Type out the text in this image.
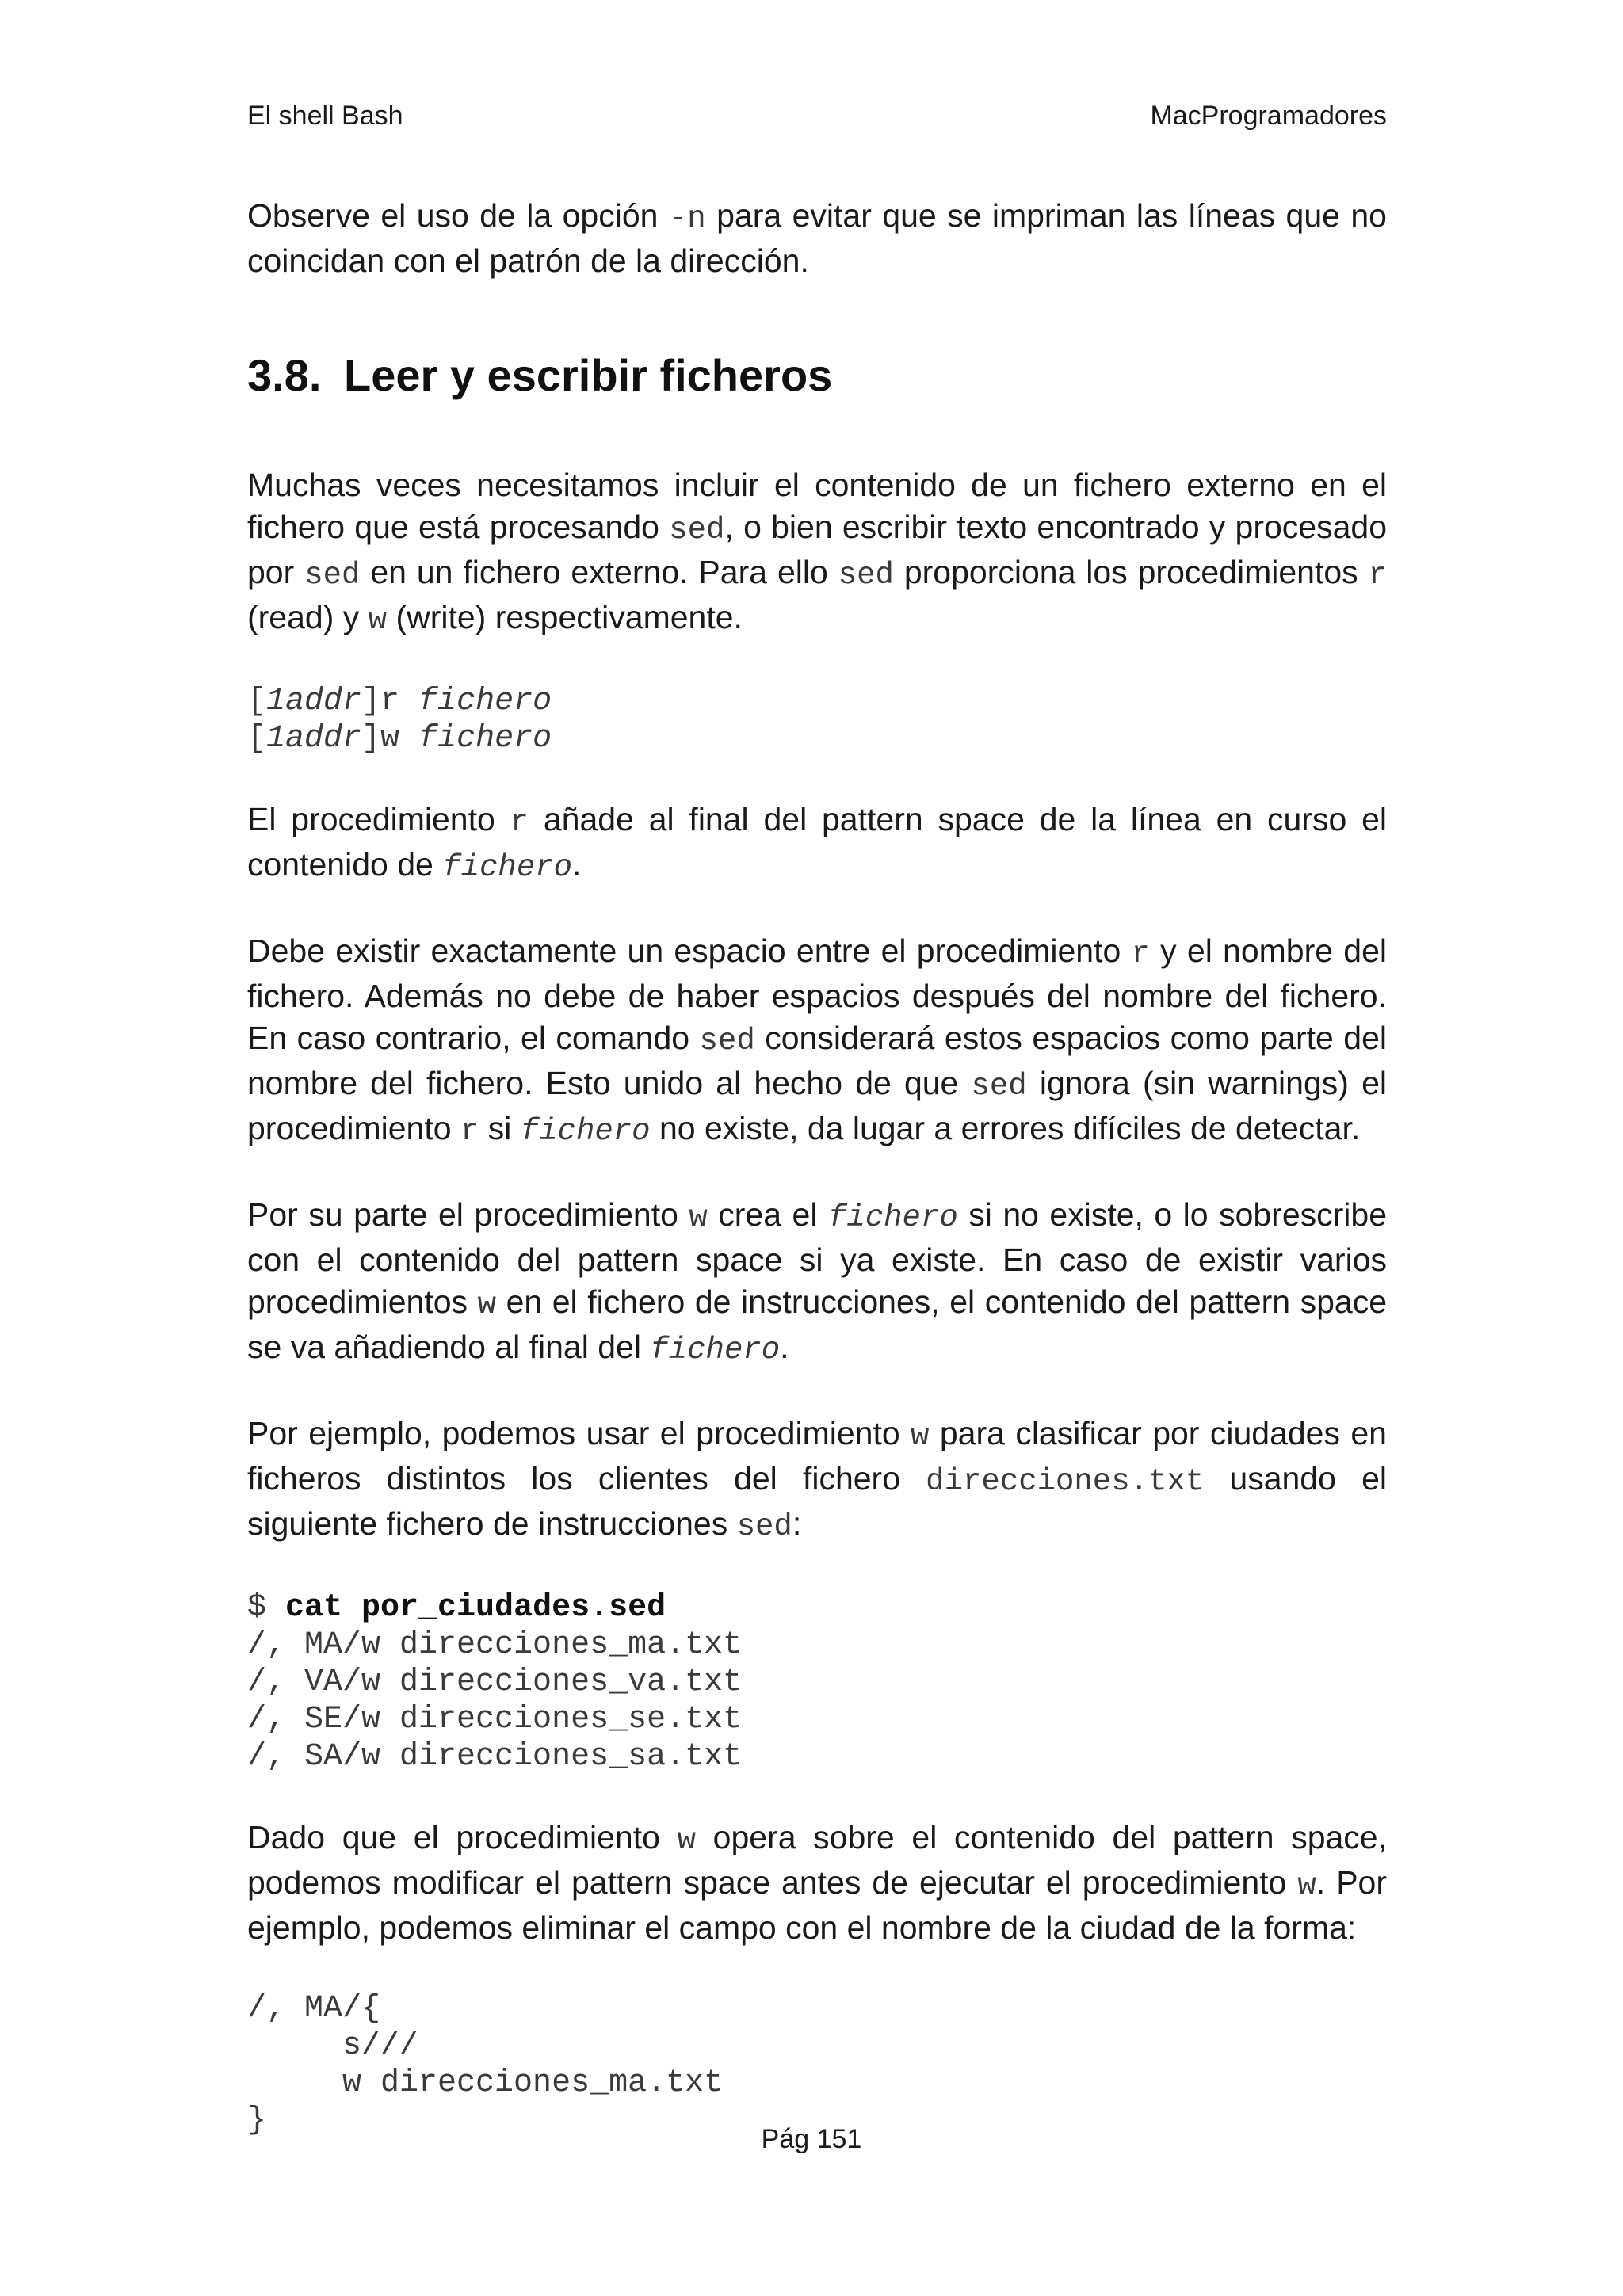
El shell Bash	MacProgramadores

Observe el uso de la opción -n para evitar que se impriman las líneas que no coincidan con el patrón de la dirección.

3.8. Leer y escribir ficheros

Muchas veces necesitamos incluir el contenido de un fichero externo en el fichero que está procesando sed, o bien escribir texto encontrado y procesado por sed en un fichero externo. Para ello sed proporciona los procedimientos r (read) y w (write) respectivamente.

[1addr]r fichero
[1addr]w fichero

El procedimiento r añade al final del pattern space de la línea en curso el contenido de fichero.

Debe existir exactamente un espacio entre el procedimiento r y el nombre del fichero. Además no debe de haber espacios después del nombre del fichero. En caso contrario, el comando sed considerará estos espacios como parte del nombre del fichero. Esto unido al hecho de que sed ignora (sin warnings) el procedimiento r si fichero no existe, da lugar a errores difíciles de detectar.

Por su parte el procedimiento w crea el fichero si no existe, o lo sobrescribe con el contenido del pattern space si ya existe. En caso de existir varios procedimientos w en el fichero de instrucciones, el contenido del pattern space se va añadiendo al final del fichero.

Por ejemplo, podemos usar el procedimiento w para clasificar por ciudades en ficheros distintos los clientes del fichero direcciones.txt usando el siguiente fichero de instrucciones sed:

$ cat por_ciudades.sed
/, MA/w direcciones_ma.txt
/, VA/w direcciones_va.txt
/, SE/w direcciones_se.txt
/, SA/w direcciones_sa.txt

Dado que el procedimiento w opera sobre el contenido del pattern space, podemos modificar el pattern space antes de ejecutar el procedimiento w. Por ejemplo, podemos eliminar el campo con el nombre de la ciudad de la forma:

/, MA/{
s///
w direcciones_ma.txt
}
Pág 151
